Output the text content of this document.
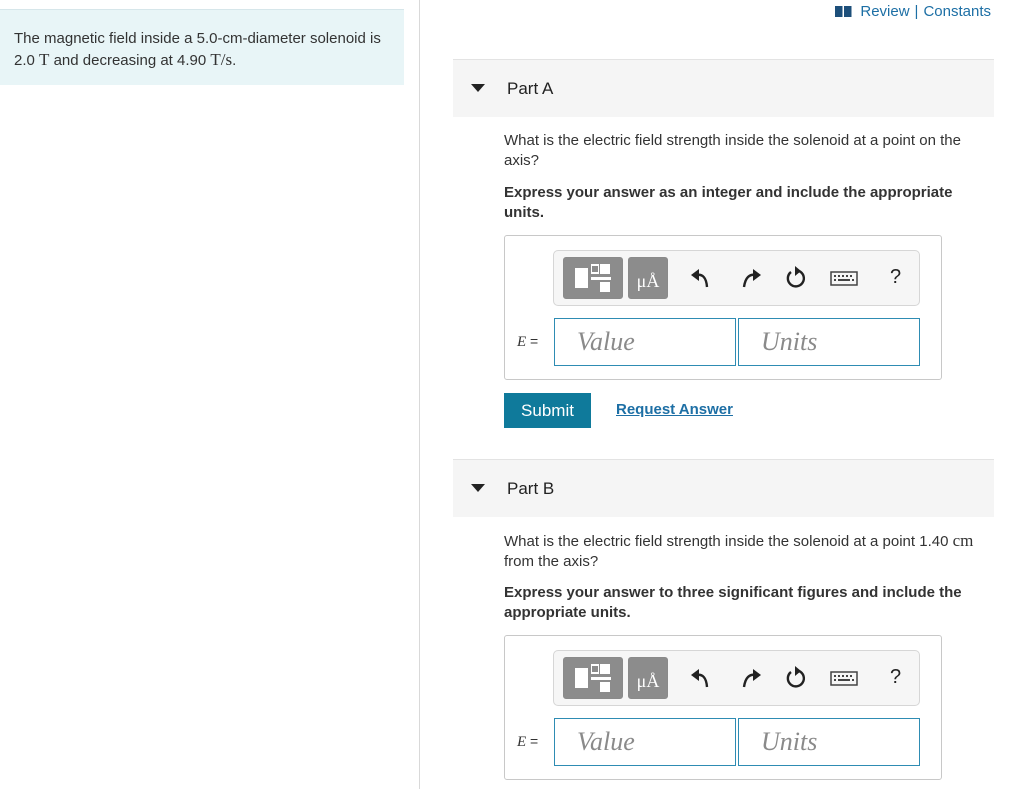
The magnetic field inside a 5.0-cm-diameter solenoid is 2.0 T and decreasing at 4.90 T/s.
Review | Constants
Part A
What is the electric field strength inside the solenoid at a point on the axis?
Express your answer as an integer and include the appropriate units.
μÅ	?
E =	Value	Units
Submit	Request Answer
Part B
What is the electric field strength inside the solenoid at a point 1.40 cm from the axis?
Express your answer to three significant figures and include the appropriate units.
μÅ	?
E =	Value	Units
